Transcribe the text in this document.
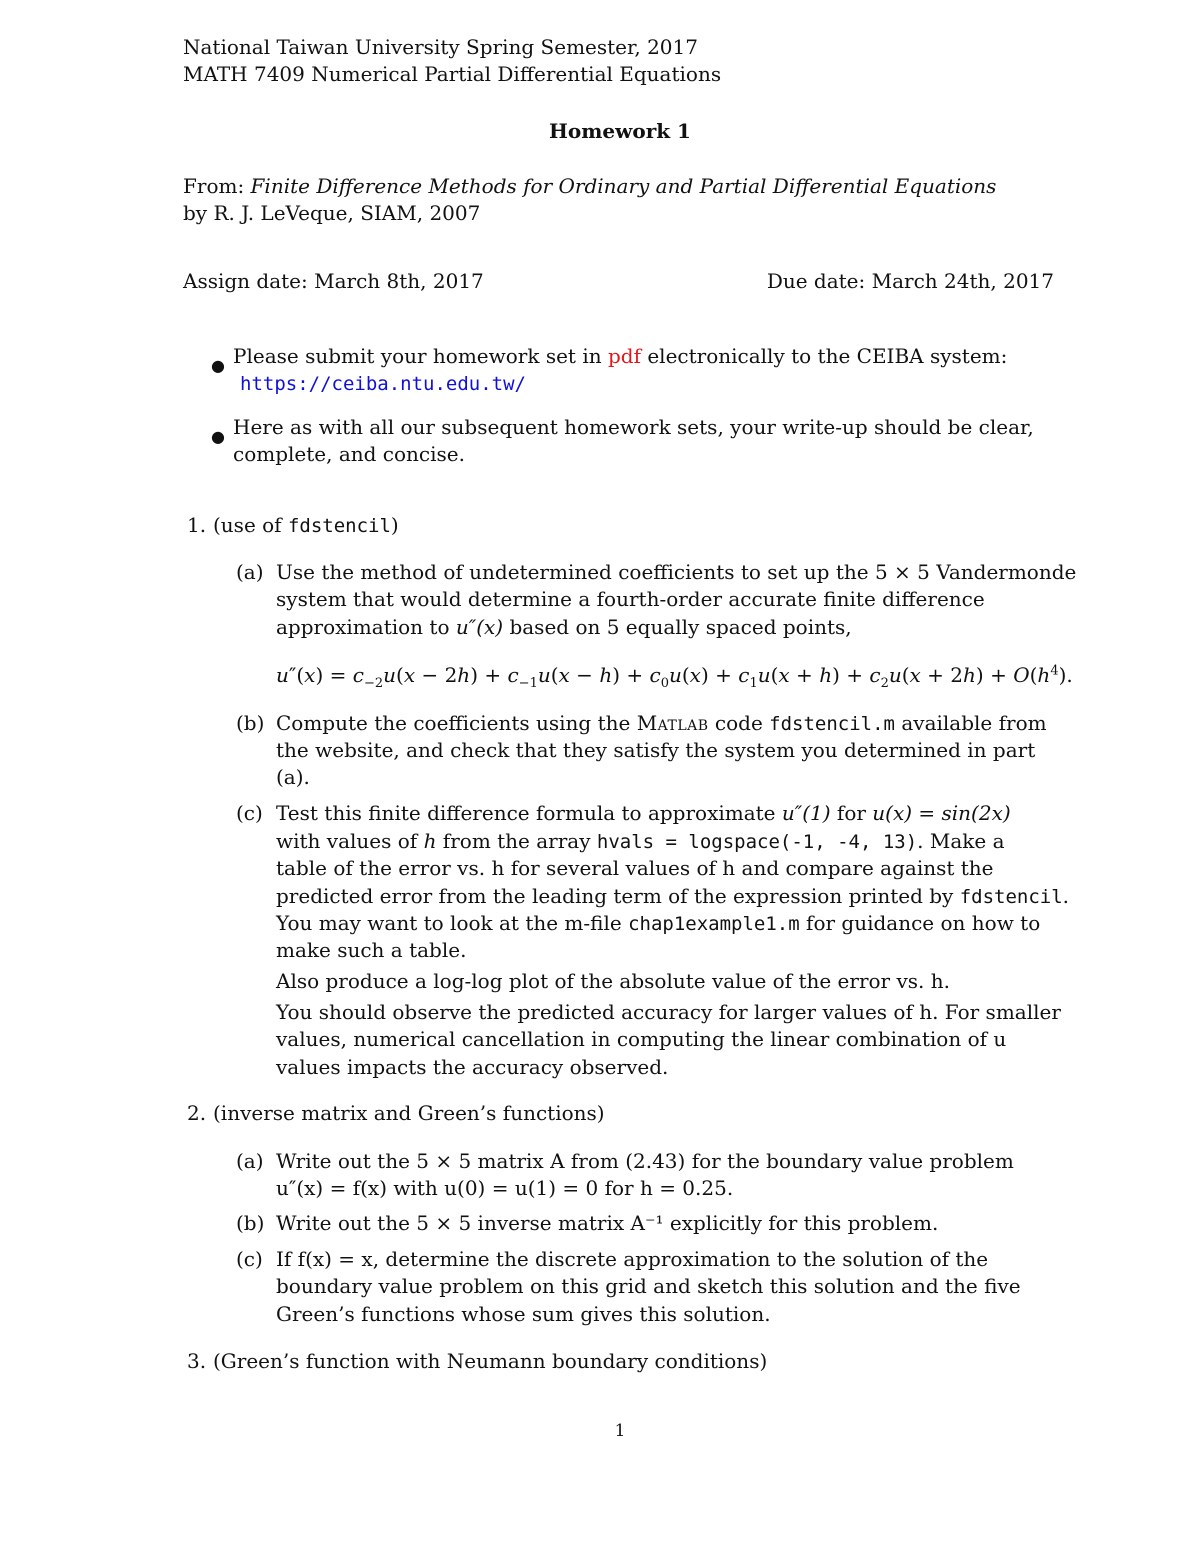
National Taiwan University Spring Semester, 2017
MATH 7409 Numerical Partial Differential Equations
Homework 1
From: Finite Difference Methods for Ordinary and Partial Differential Equations
by R. J. LeVeque, SIAM, 2007
Assign date: March 8th, 2017	Due date: March 24th, 2017
● Please submit your homework set in pdf electronically to the CEIBA system:
https://ceiba.ntu.edu.tw/
● Here as with all our subsequent homework sets, your write-up should be clear,
complete, and concise.
1. (use of fdstencil)
(a) Use the method of undetermined coefficients to set up the 5 × 5 Vandermonde
system that would determine a fourth-order accurate finite difference
approximation to u″(x) based on 5 equally spaced points,
$u''(x) = c_{-2}u(x - 2h) + c_{-1}u(x - h) + c_0u(x) + c_1u(x + h) + c_2u(x + 2h) + O(h^4)$.
(b) Compute the coefficients using the Matlab code fdstencil.m available from
the website, and check that they satisfy the system you determined in part
(a).
(c) Test this finite difference formula to approximate u″(1) for u(x) = sin(2x)
with values of h from the array hvals = logspace(-1, -4, 13). Make a
table of the error vs. h for several values of h and compare against the
predicted error from the leading term of the expression printed by fdstencil.
You may want to look at the m-file chap1example1.m for guidance on how to
make such a table.
Also produce a log-log plot of the absolute value of the error vs. h.
You should observe the predicted accuracy for larger values of h. For smaller
values, numerical cancellation in computing the linear combination of u
values impacts the accuracy observed.
2. (inverse matrix and Green’s functions)
(a) Write out the 5 × 5 matrix A from (2.43) for the boundary value problem
u″(x) = f(x) with u(0) = u(1) = 0 for h = 0.25.
(b) Write out the 5 × 5 inverse matrix A⁻¹ explicitly for this problem.
(c) If f(x) = x, determine the discrete approximation to the solution of the
boundary value problem on this grid and sketch this solution and the five
Green’s functions whose sum gives this solution.
3. (Green’s function with Neumann boundary conditions)
1
